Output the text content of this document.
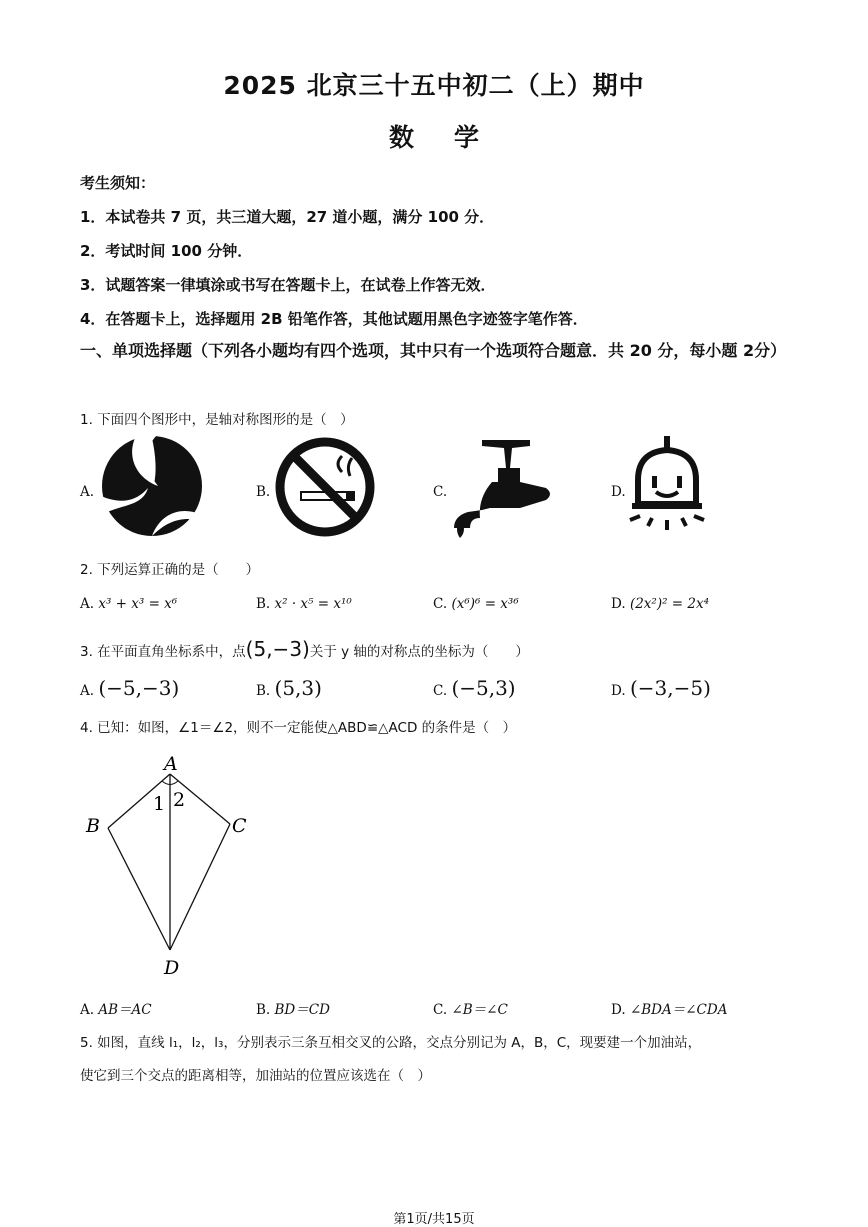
2025 北京三十五中初二（上）期中
数学
考生须知：
1．本试卷共 7 页，共三道大题，27 道小题，满分 100 分．
2．考试时间 100 分钟．
3．试题答案一律填涂或书写在答题卡上，在试卷上作答无效．
4．在答题卡上，选择题用 2B 铅笔作答，其他试题用黑色字迹签字笔作答．
一、单项选择题（下列各小题均有四个选项，其中只有一个选项符合题意．共 20 分，每小题 2分）
1. 下面四个图形中，是轴对称图形的是（　）
A.	B.	C.	D.
2. 下列运算正确的是（　　）
A. x³ + x³ = x⁶	B. x² · x⁵ = x¹⁰	C. (x⁶)⁶ = x³⁶	D. (2x²)² = 2x⁴
3. 在平面直角坐标系中，点(5,−3)关于 y 轴的对称点的坐标为（　　）
A. (−5,−3)	B. (5,3)	C. (−5,3)	D. (−3,−5)
4. 已知：如图，∠1＝∠2，则不一定能使△ABD≌△ACD 的条件是（　）
A
B	C
D
1 2
A. AB＝AC	B. BD＝CD	C. ∠B＝∠C	D. ∠BDA＝∠CDA
5. 如图，直线 l₁，l₂，l₃，分别表示三条互相交叉的公路，交点分别记为 A，B，C，现要建一个加油站，
使它到三个交点的距离相等，加油站的位置应该选在（　）
第1页/共15页
